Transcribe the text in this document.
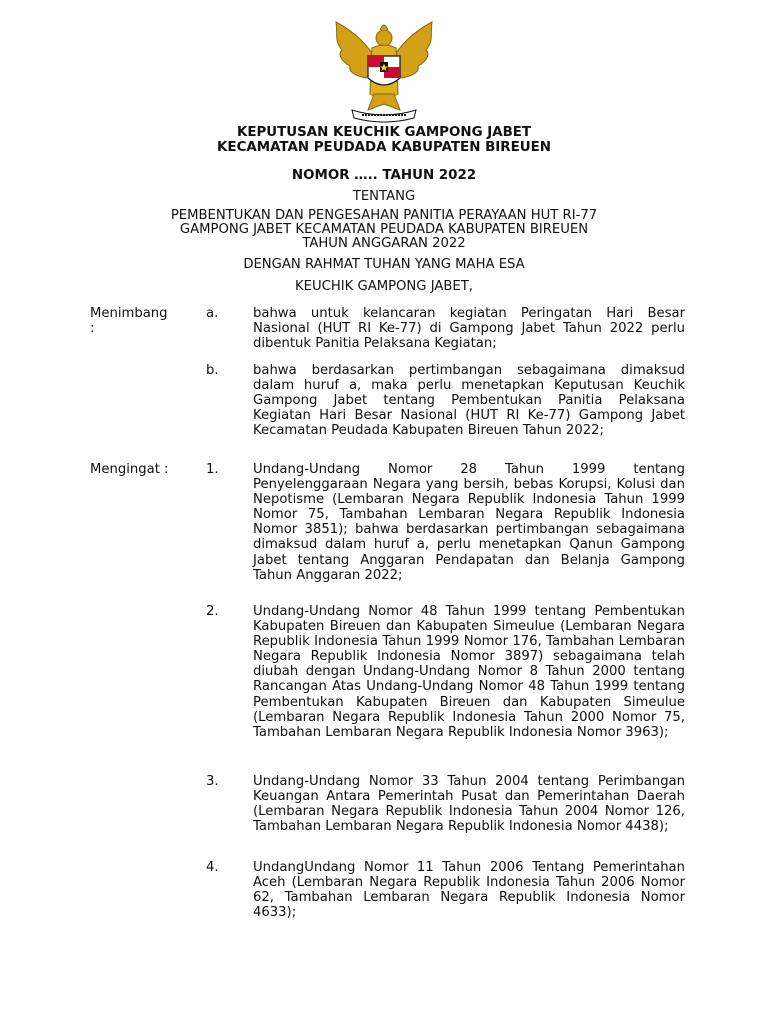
KEPUTUSAN KEUCHIK GAMPONG JABET
KECAMATAN PEUDADA KABUPATEN BIREUEN
NOMOR ….. TAHUN 2022
TENTANG
PEMBENTUKAN DAN PENGESAHAN PANITIA PERAYAAN HUT RI-77
GAMPONG JABET KECAMATAN PEUDADA KABUPATEN BIREUEN
TAHUN ANGGARAN 2022
DENGAN RAHMAT TUHAN YANG MAHA ESA
KEUCHIK GAMPONG JABET,
Menimbang
:
a.	bahwa untuk kelancaran kegiatan Peringatan Hari Besar Nasional (HUT RI Ke-77) di Gampong Jabet Tahun 2022 perlu dibentuk Panitia Pelaksana Kegiatan;
b.	bahwa berdasarkan pertimbangan sebagaimana dimaksud dalam huruf a, maka perlu menetapkan Keputusan Keuchik Gampong Jabet tentang Pembentukan Panitia Pelaksana Kegiatan Hari Besar Nasional (HUT RI Ke-77) Gampong Jabet Kecamatan Peudada Kabupaten Bireuen Tahun 2022;
Mengingat :	1.	Undang-Undang Nomor 28 Tahun 1999 tentang Penyelenggaraan Negara yang bersih, bebas Korupsi, Kolusi dan Nepotisme (Lembaran Negara Republik Indonesia Tahun 1999 Nomor 75, Tambahan Lembaran Negara Republik Indonesia Nomor 3851); bahwa berdasarkan pertimbangan sebagaimana dimaksud dalam huruf a, perlu menetapkan Qanun Gampong Jabet tentang Anggaran Pendapatan dan Belanja Gampong Tahun Anggaran 2022;
2.	Undang-Undang Nomor 48 Tahun 1999 tentang Pembentukan Kabupaten Bireuen dan Kabupaten Simeulue (Lembaran Negara Republik Indonesia Tahun 1999 Nomor 176, Tambahan Lembaran Negara Republik Indonesia Nomor 3897) sebagaimana telah diubah dengan Undang-Undang Nomor 8 Tahun 2000 tentang Rancangan Atas Undang-Undang Nomor 48 Tahun 1999 tentang Pembentukan Kabupaten Bireuen dan Kabupaten Simeulue (Lembaran Negara Republik Indonesia Tahun 2000 Nomor 75, Tambahan Lembaran Negara Republik Indonesia Nomor 3963);
3.	Undang-Undang Nomor 33 Tahun 2004 tentang Perimbangan Keuangan Antara Pemerintah Pusat dan Pemerintahan Daerah (Lembaran Negara Republik Indonesia Tahun 2004 Nomor 126, Tambahan Lembaran Negara Republik Indonesia Nomor 4438);
4.	UndangUndang Nomor 11 Tahun 2006 Tentang Pemerintahan Aceh (Lembaran Negara Republik Indonesia Tahun 2006 Nomor 62, Tambahan Lembaran Negara Republik Indonesia Nomor 4633);
